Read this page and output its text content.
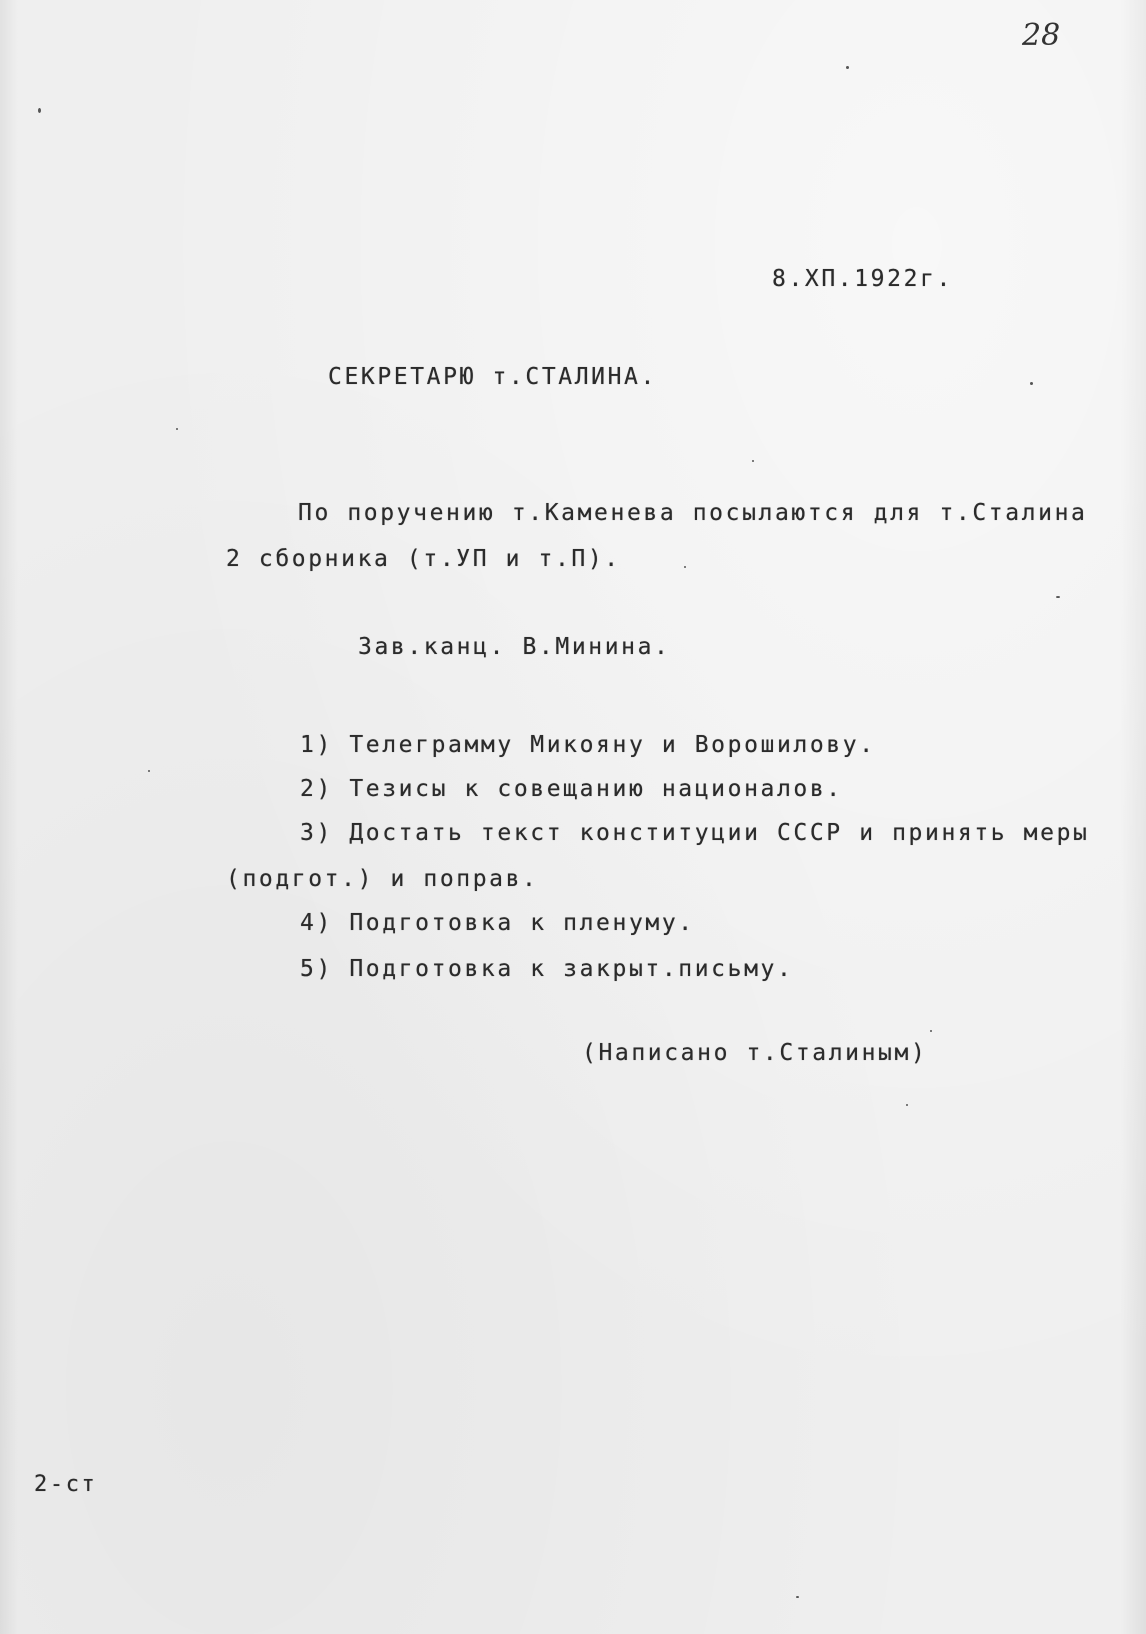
28
8.ХП.1922г.
СЕКРЕТАРЮ т.СТАЛИНА.
По поручению т.Каменева посылаются для т.Сталина
2 сборника (т.УП и т.П).
Зав.канц. В.Минина.
1) Телеграмму Микояну и Ворошилову.
2) Тезисы к совещанию националов.
3) Достать текст конституции СССР и принять меры
(подгот.) и поправ.
4) Подготовка к пленуму.
5) Подготовка к закрыт.письму.
(Написано т.Сталиным)
2-ст
